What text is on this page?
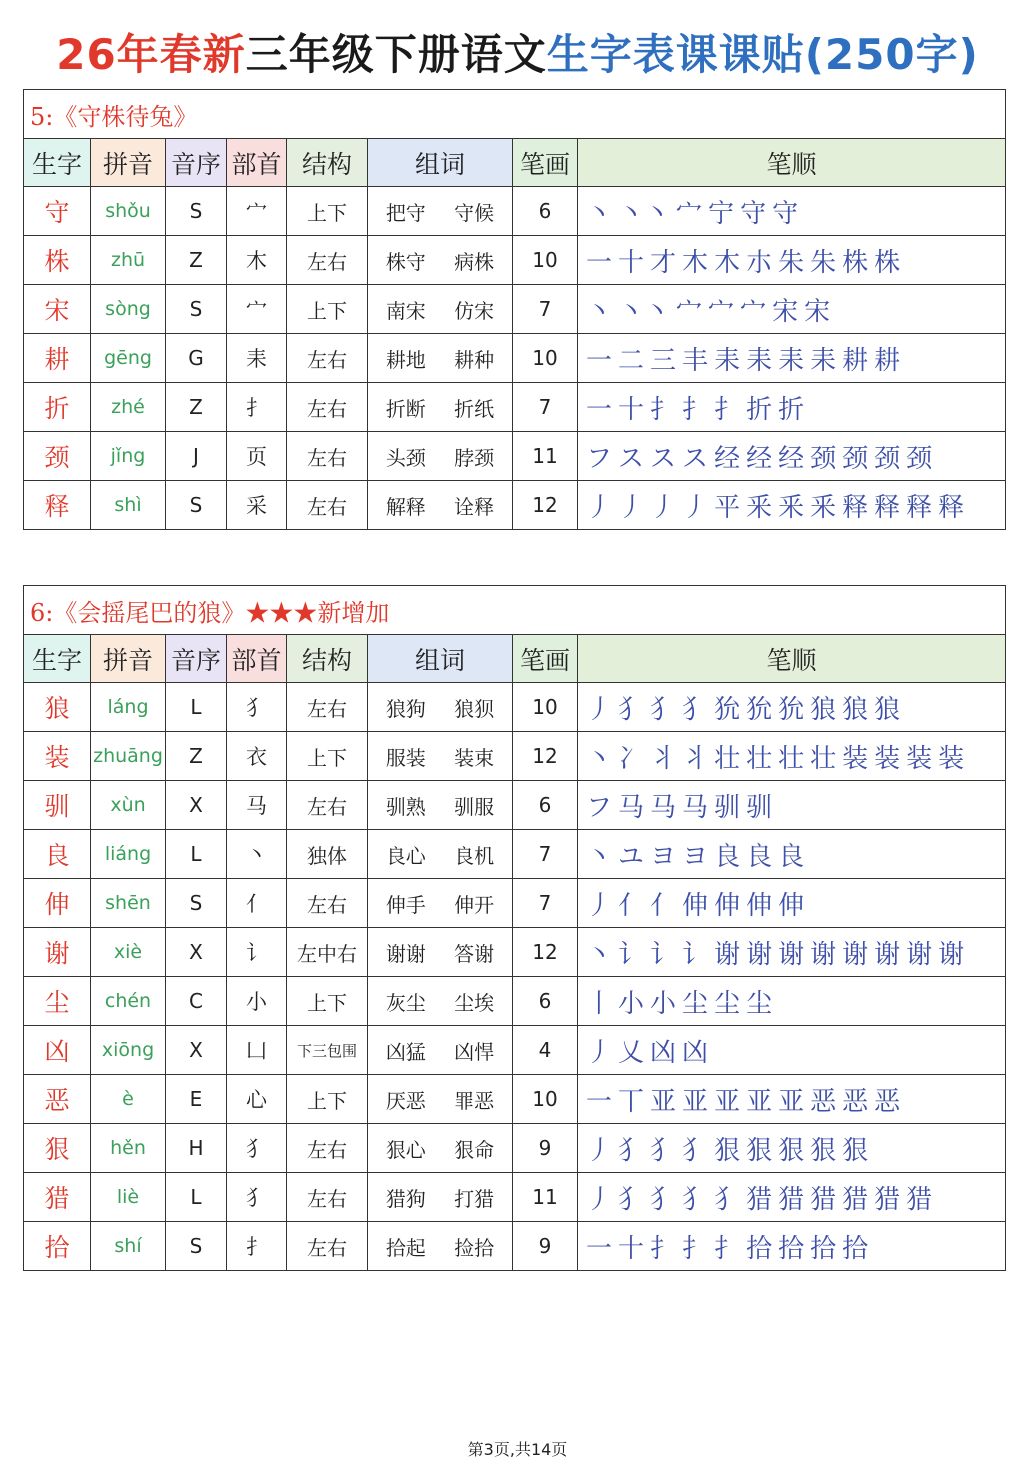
26年春新三年级下册语文生字表课课贴(250字)
5:《守株待兔》							
生字	拼音	音序	部首	结构	组词	笔画	笔顺
守	shǒu	S	宀	上下	把守 守候	6	丶 丶丶 宀 宁 守 守
株	zhū	Z	木	左右	株守 病株	10	一 十 才 木 木 朩 朱 朱 株 株
宋	sòng	S	宀	上下	南宋 仿宋	7	丶 丶丶 宀 宀 宀 宋 宋
耕	gēng	G	耒	左右	耕地 耕种	10	一 二 三 丰 耒 耒 耒 耒 耕 耕
折	zhé	Z	扌	左右	折断 折纸	7	一 十 扌 扌 扌 折 折
颈	jǐng	J	页	左右	头颈 脖颈	11	フ ス ス ス 经 经 经 颈 颈 颈 颈
释	shì	S	采	左右	解释 诠释	12	丿 丿 丿 丿 平 釆 釆 釆 释 释 释 释
6:《会摇尾巴的狼》★★★新增加							
生字	拼音	音序	部首	结构	组词	笔画	笔顺
狼	láng	L	犭	左右	狼狗 狼狈	10	丿 犭 犭 犭 狁 狁 狁 狼 狼 狼
装	zhuāng	Z	衣	上下	服装 装束	12	丶 冫 丬 丬 壮 壮 壮 壮 装 装 装 装
驯	xùn	X	马	左右	驯熟 驯服	6	フ 马 马 马 驯 驯
良	liáng	L	丶	独体	良心 良机	7	丶 ユ ヨ ヨ 良 良 良
伸	shēn	S	亻	左右	伸手 伸开	7	丿 亻 亻 伸 伸 伸 伸
谢	xiè	X	讠	左中右	谢谢 答谢	12	丶 讠 讠 讠 谢 谢 谢 谢 谢 谢 谢 谢
尘	chén	C	小	上下	灰尘 尘埃	6	丨 小 小 尘 尘 尘
凶	xiōng	X	凵	下三包围	凶猛 凶悍	4	丿 乂 凶 凶
恶	è	E	心	上下	厌恶 罪恶	10	一 丅 亚 亚 亚 亚 亚 恶 恶 恶
狠	hěn	H	犭	左右	狠心 狠命	9	丿 犭 犭 犭 狠 狠 狠 狠 狠
猎	liè	L	犭	左右	猎狗 打猎	11	丿 犭 犭 犭 犭 猎 猎 猎 猎 猎 猎
拾	shí	S	扌	左右	拾起 捡拾	9	一 十 扌 扌 扌 拾 拾 拾 拾
第3页,共14页
